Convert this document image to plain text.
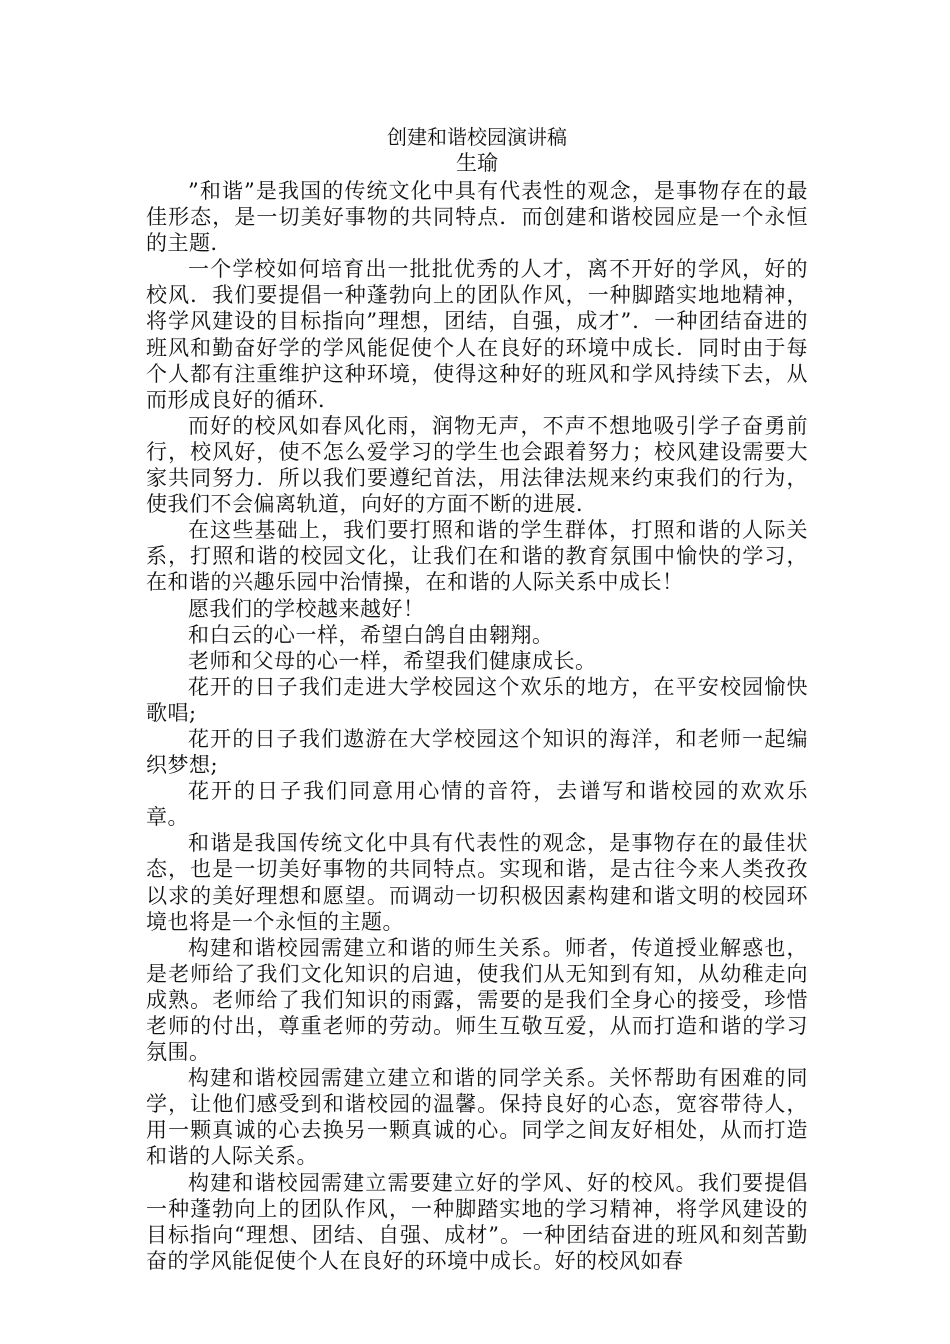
创建和谐校园演讲稿
生瑜

”和谐”是我国的传统文化中具有代表性的观念，是事物存在的最佳形态，是一切美好事物的共同特点．而创建和谐校园应是一个永恒的主题．

一个学校如何培育出一批批优秀的人才，离不开好的学风，好的校风．我们要提倡一种蓬勃向上的团队作风，一种脚踏实地地精神，将学风建设的目标指向”理想，团结，自强，成才”．一种团结奋进的班风和勤奋好学的学风能促使个人在良好的环境中成长．同时由于每个人都有注重维护这种环境，使得这种好的班风和学风持续下去，从而形成良好的循环．

而好的校风如春风化雨，润物无声，不声不想地吸引学子奋勇前行，校风好，使不怎么爱学习的学生也会跟着努力；校风建设需要大家共同努力．所以我们要遵纪首法，用法律法规来约束我们的行为，使我们不会偏离轨道，向好的方面不断的进展．

在这些基础上，我们要打照和谐的学生群体，打照和谐的人际关系，打照和谐的校园文化，让我们在和谐的教育氛围中愉快的学习，在和谐的兴趣乐园中治情操，在和谐的人际关系中成长！

愿我们的学校越来越好！

和白云的心一样，希望白鸽自由翱翔。

老师和父母的心一样，希望我们健康成长。

花开的日子我们走进大学校园这个欢乐的地方，在平安校园愉快歌唱;

花开的日子我们遨游在大学校园这个知识的海洋，和老师一起编织梦想;

花开的日子我们同意用心情的音符，去谱写和谐校园的欢欢乐章。

和谐是我国传统文化中具有代表性的观念，是事物存在的最佳状态，也是一切美好事物的共同特点。实现和谐，是古往今来人类孜孜以求的美好理想和愿望。而调动一切积极因素构建和谐文明的校园环境也将是一个永恒的主题。

构建和谐校园需建立和谐的师生关系。师者，传道授业解惑也，是老师给了我们文化知识的启迪，使我们从无知到有知，从幼稚走向成熟。老师给了我们知识的雨露，需要的是我们全身心的接受，珍惜老师的付出，尊重老师的劳动。师生互敬互爱，从而打造和谐的学习氛围。

构建和谐校园需建立建立和谐的同学关系。关怀帮助有困难的同学，让他们感受到和谐校园的温馨。保持良好的心态，宽容带待人，用一颗真诚的心去换另一颗真诚的心。同学之间友好相处，从而打造和谐的人际关系。

构建和谐校园需建立需要建立好的学风、好的校风。我们要提倡一种蓬勃向上的团队作风，一种脚踏实地的学习精神，将学风建设的目标指向“理想、团结、自强、成材”。一种团结奋进的班风和刻苦勤奋的学风能促使个人在良好的环境中成长。好的校风如春
